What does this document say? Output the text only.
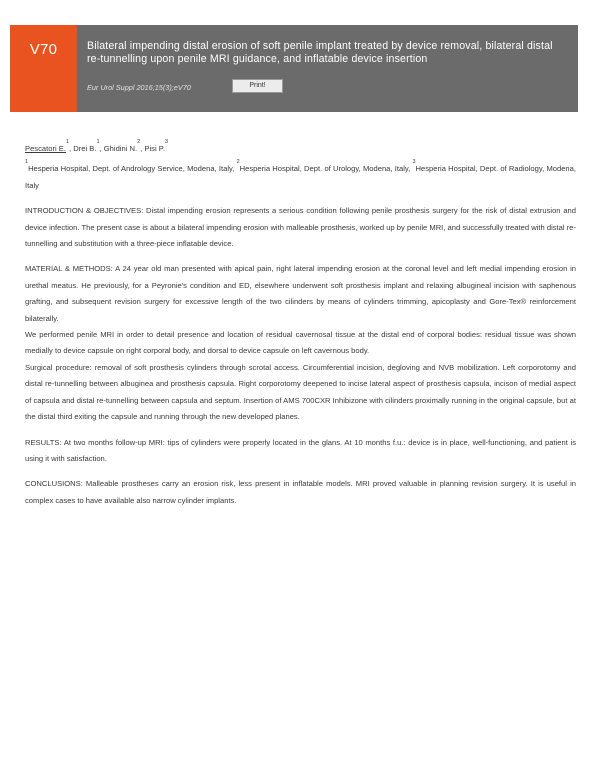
V70	Bilateral impending distal erosion of soft penile implant treated by device removal, bilateral distal re-tunnelling upon penile MRI guidance, and inflatable device insertion
Eur Urol Suppl 2016;15(3);eV70	Print!

Pescatori E.$^1$, Drei B.$^1$, Ghidini N.$^2$, Pisi P.$^3$

$^1$Hesperia Hospital, Dept. of Andrology Service, Modena, Italy, $^2$Hesperia Hospital, Dept. of Urology, Modena, Italy, $^3$Hesperia Hospital, Dept. of Radiology, Modena, Italy

INTRODUCTION & OBJECTIVES: Distal impending erosion represents a serious condition following penile prosthesis surgery for the risk of distal extrusion and device infection. The present case is about a bilateral impending erosion with malleable prosthesis, worked up by penile MRI, and successfully treated with distal re-tunnelling and substitution with a three-piece inflatable device.

MATERIAL & METHODS: A 24 year old man presented with apical pain, right lateral impending erosion at the coronal level and left medial impending erosion in urethal meatus. He previously, for a Peyronie's condition and ED, elsewhere underwent soft prosthesis implant and relaxing albugineal incision with saphenous grafting, and subsequent revision surgery for excessive length of the two cilinders by means of cylinders trimming, apicoplasty and Gore-Tex® reinforcement bilaterally.

We performed penile MRI in order to detail presence and location of residual cavernosal tissue at the distal end of corporal bodies: residual tissue was shown medially to device capsule on right corporal body, and dorsal to device capsule on left cavernous body.

Surgical procedure: removal of soft prosthesis cylinders through scrotal access. Circumferential incision, degloving and NVB mobilization. Left corporotomy and distal re-tunnelling between albuginea and prosthesis capsula. Right corporotomy deepened to incise lateral aspect of prosthesis capsula, incison of medial aspect of capsula and distal re-tunnelling between capsula and septum. Insertion of AMS 700CXR Inhibizone with cilinders proximally running in the original capsule, but at the distal third exiting the capsule and running through the new developed planes.

RESULTS: At two months follow-up MRI: tips of cylinders were properly located in the glans. At 10 months f.u.: device is in place, well-functioning, and patient is using it with satisfaction.

CONCLUSIONS: Malleable prostheses carry an erosion risk, less present in inflatable models. MRI proved valuable in planning revision surgery. It is useful in complex cases to have available also narrow cylinder implants.
